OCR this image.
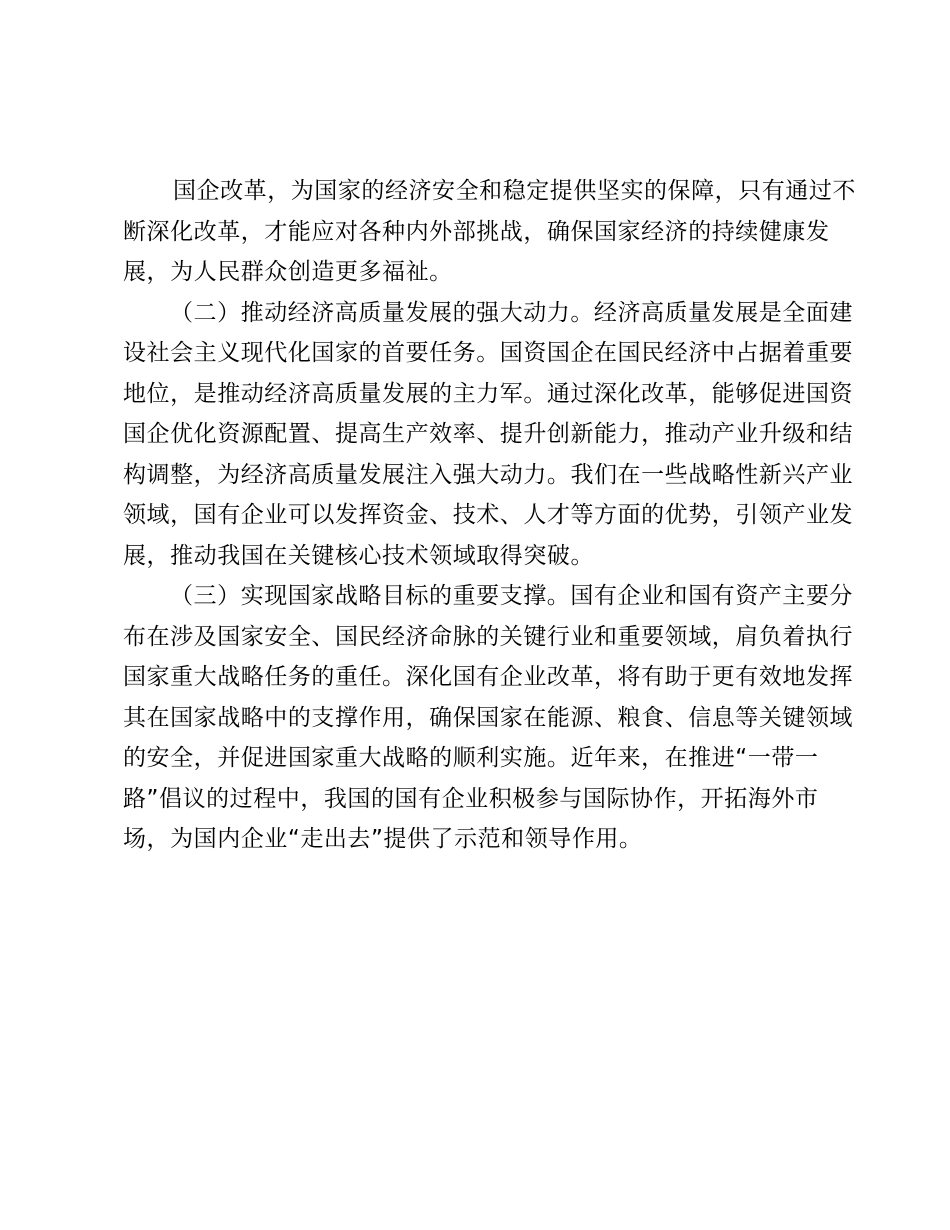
国企改革，为国家的经济安全和稳定提供坚实的保障，只有通过不断深化改革，才能应对各种内外部挑战，确保国家经济的持续健康发展，为人民群众创造更多福祉。

（二）推动经济高质量发展的强大动力。经济高质量发展是全面建设社会主义现代化国家的首要任务。国资国企在国民经济中占据着重要地位，是推动经济高质量发展的主力军。通过深化改革，能够促进国资国企优化资源配置、提高生产效率、提升创新能力，推动产业升级和结构调整，为经济高质量发展注入强大动力。我们在一些战略性新兴产业领域，国有企业可以发挥资金、技术、人才等方面的优势，引领产业发展，推动我国在关键核心技术领域取得突破。

（三）实现国家战略目标的重要支撑。国有企业和国有资产主要分布在涉及国家安全、国民经济命脉的关键行业和重要领域，肩负着执行国家重大战略任务的重任。深化国有企业改革，将有助于更有效地发挥其在国家战略中的支撑作用，确保国家在能源、粮食、信息等关键领域的安全，并促进国家重大战略的顺利实施。近年来，在推进“一带一路”倡议的过程中，我国的国有企业积极参与国际协作，开拓海外市场，为国内企业“走出去”提供了示范和领导作用。
